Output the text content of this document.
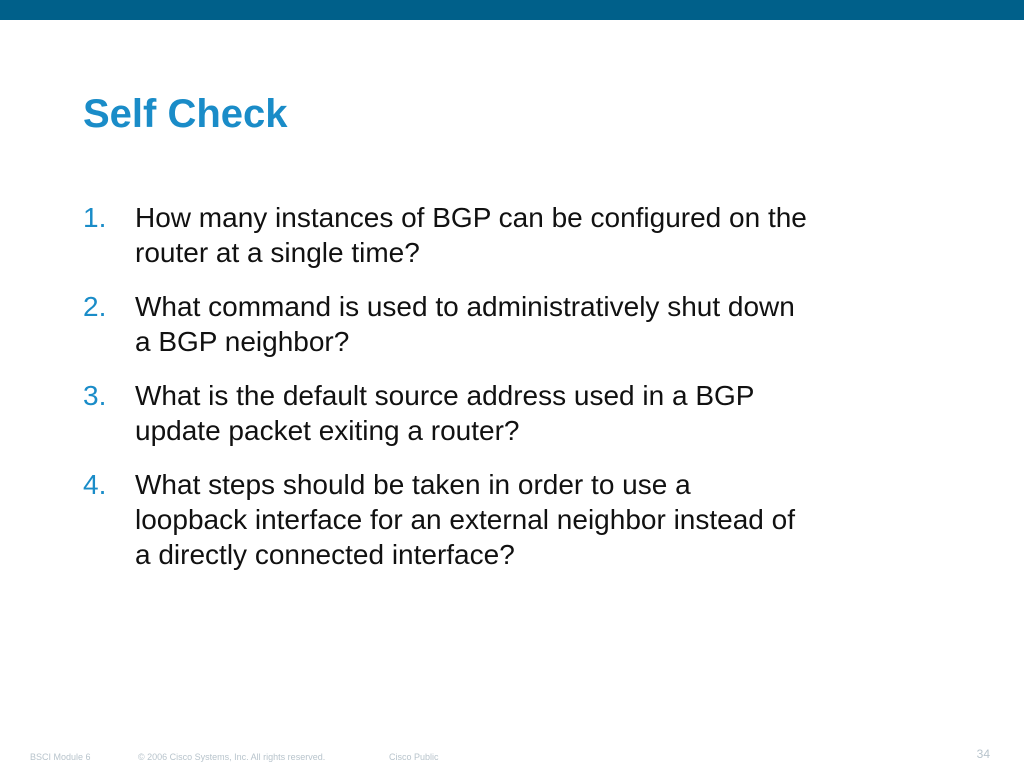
Self Check
1.	How many instances of BGP can be configured on the
router at a single time?
2.	What command is used to administratively shut down
a BGP neighbor?
3.	What is the default source address used in a BGP
update packet exiting a router?
4.	What steps should be taken in order to use a
loopback interface for an external neighbor instead of
a directly connected interface?
BSCI Module 6	© 2006 Cisco Systems, Inc. All rights reserved.	Cisco Public	34
